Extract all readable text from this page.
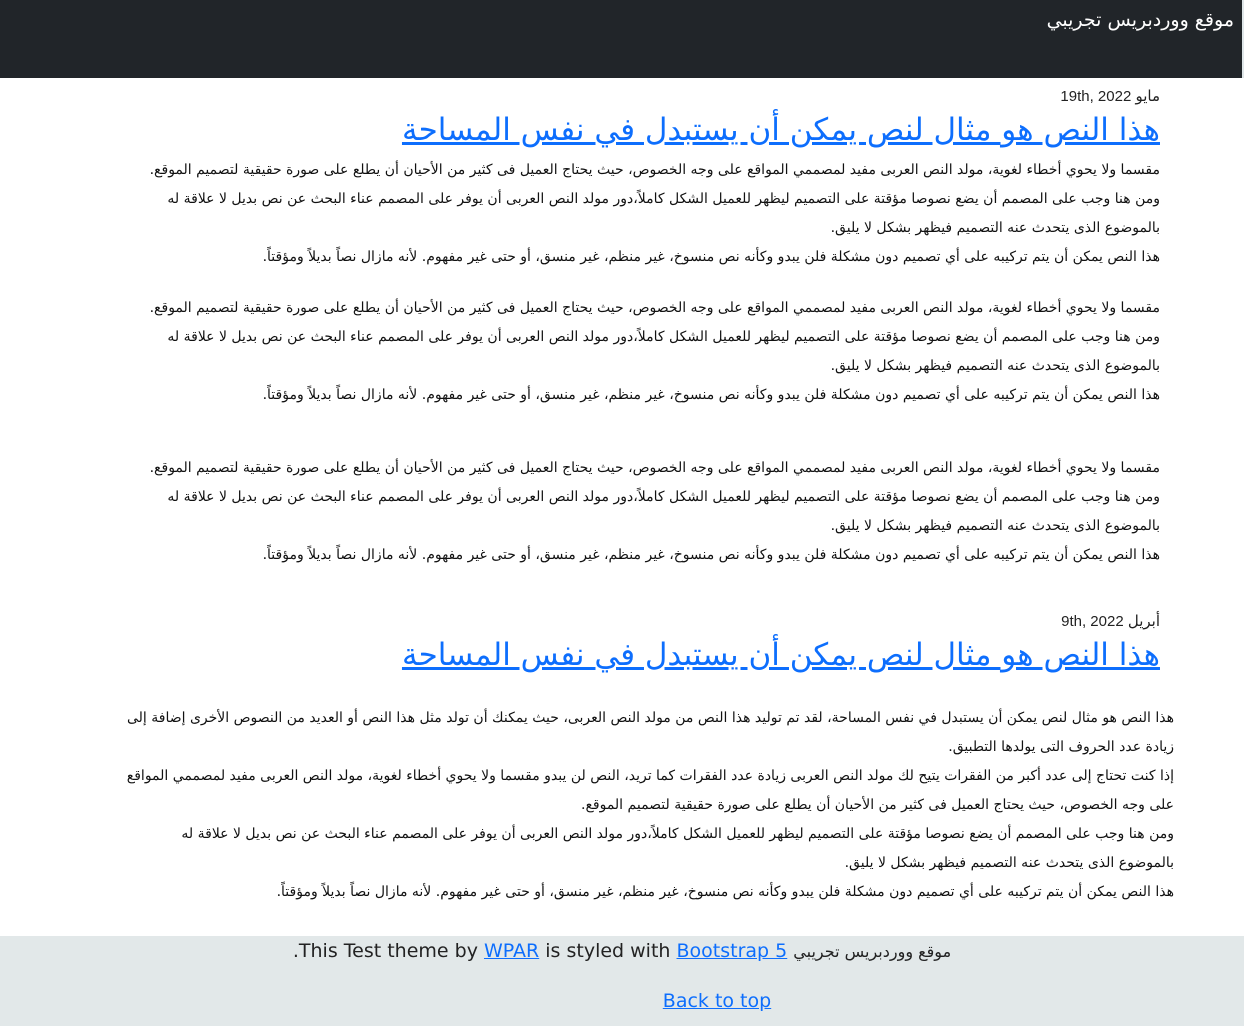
موقع ووردبريس تجريبي
مايو 19th, 2022
هذا النص هو مثال لنص يمكن أن يستبدل في نفس المساحة
مقسما ولا يحوي أخطاء لغوية، مولد النص العربى مفيد لمصممي المواقع على وجه الخصوص، حيث يحتاج العميل فى كثير من الأحيان أن يطلع على صورة حقيقية لتصميم الموقع.
ومن هنا وجب على المصمم أن يضع نصوصا مؤقتة على التصميم ليظهر للعميل الشكل كاملاً،دور مولد النص العربى أن يوفر على المصمم عناء البحث عن نص بديل لا علاقة له
بالموضوع الذى يتحدث عنه التصميم فيظهر بشكل لا يليق.
هذا النص يمكن أن يتم تركيبه على أي تصميم دون مشكلة فلن يبدو وكأنه نص منسوخ، غير منظم، غير منسق، أو حتى غير مفهوم. لأنه مازال نصاً بديلاً ومؤقتاً.
مقسما ولا يحوي أخطاء لغوية، مولد النص العربى مفيد لمصممي المواقع على وجه الخصوص، حيث يحتاج العميل فى كثير من الأحيان أن يطلع على صورة حقيقية لتصميم الموقع.
ومن هنا وجب على المصمم أن يضع نصوصا مؤقتة على التصميم ليظهر للعميل الشكل كاملاً،دور مولد النص العربى أن يوفر على المصمم عناء البحث عن نص بديل لا علاقة له
بالموضوع الذى يتحدث عنه التصميم فيظهر بشكل لا يليق.
هذا النص يمكن أن يتم تركيبه على أي تصميم دون مشكلة فلن يبدو وكأنه نص منسوخ، غير منظم، غير منسق، أو حتى غير مفهوم. لأنه مازال نصاً بديلاً ومؤقتاً.
مقسما ولا يحوي أخطاء لغوية، مولد النص العربى مفيد لمصممي المواقع على وجه الخصوص، حيث يحتاج العميل فى كثير من الأحيان أن يطلع على صورة حقيقية لتصميم الموقع.
ومن هنا وجب على المصمم أن يضع نصوصا مؤقتة على التصميم ليظهر للعميل الشكل كاملاً،دور مولد النص العربى أن يوفر على المصمم عناء البحث عن نص بديل لا علاقة له
بالموضوع الذى يتحدث عنه التصميم فيظهر بشكل لا يليق.
هذا النص يمكن أن يتم تركيبه على أي تصميم دون مشكلة فلن يبدو وكأنه نص منسوخ، غير منظم، غير منسق، أو حتى غير مفهوم. لأنه مازال نصاً بديلاً ومؤقتاً.
أبريل 9th, 2022
هذا النص هو مثال لنص يمكن أن يستبدل في نفس المساحة
هذا النص هو مثال لنص يمكن أن يستبدل في نفس المساحة، لقد تم توليد هذا النص من مولد النص العربى، حيث يمكنك أن تولد مثل هذا النص أو العديد من النصوص الأخرى إضافة إلى
زيادة عدد الحروف التى يولدها التطبيق.
إذا كنت تحتاج إلى عدد أكبر من الفقرات يتيح لك مولد النص العربى زيادة عدد الفقرات كما تريد، النص لن يبدو مقسما ولا يحوي أخطاء لغوية، مولد النص العربى مفيد لمصممي المواقع
على وجه الخصوص، حيث يحتاج العميل فى كثير من الأحيان أن يطلع على صورة حقيقية لتصميم الموقع.
ومن هنا وجب على المصمم أن يضع نصوصا مؤقتة على التصميم ليظهر للعميل الشكل كاملاً،دور مولد النص العربى أن يوفر على المصمم عناء البحث عن نص بديل لا علاقة له
بالموضوع الذى يتحدث عنه التصميم فيظهر بشكل لا يليق.
هذا النص يمكن أن يتم تركيبه على أي تصميم دون مشكلة فلن يبدو وكأنه نص منسوخ، غير منظم، غير منسق، أو حتى غير مفهوم. لأنه مازال نصاً بديلاً ومؤقتاً.
.This Test theme by WPAR is styled with Bootstrap 5 موقع ووردبريس تجريبي
Back to top
